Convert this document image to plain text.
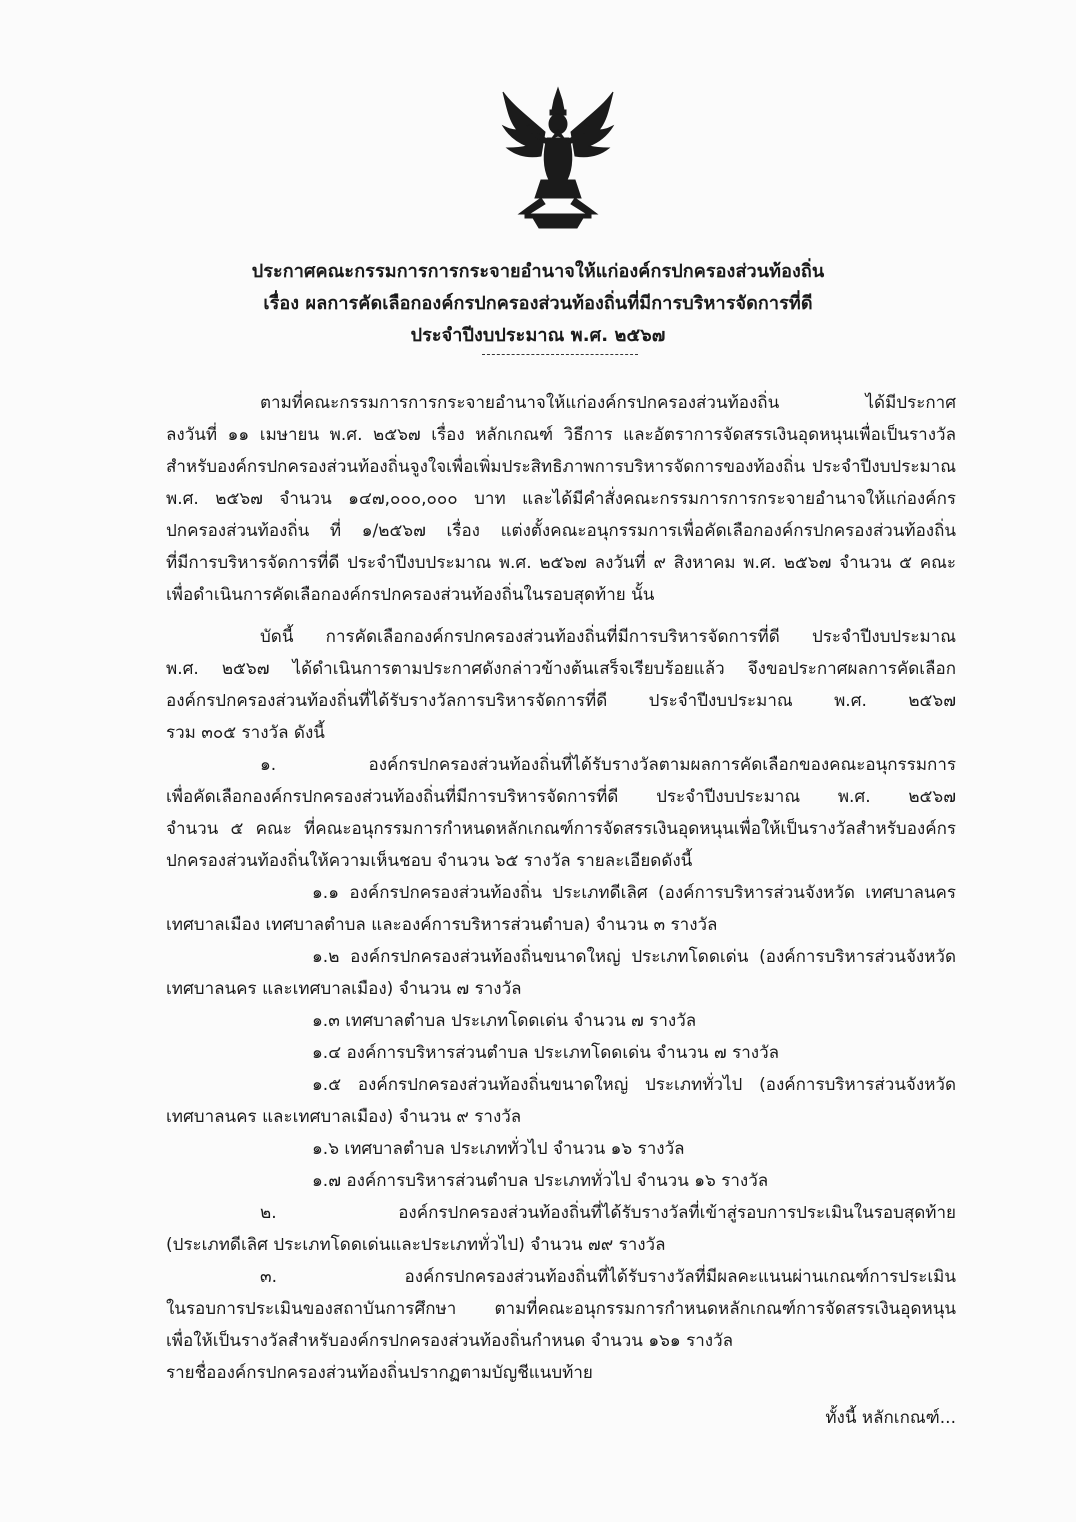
ประกาศคณะกรรมการการกระจายอำนาจให้แก่องค์กรปกครองส่วนท้องถิ่น
เรื่อง ผลการคัดเลือกองค์กรปกครองส่วนท้องถิ่นที่มีการบริหารจัดการที่ดี
ประจำปีงบประมาณ พ.ศ. ๒๕๖๗
ตามที่คณะกรรมการการกระจายอำนาจให้แก่องค์กรปกครองส่วนท้องถิ่น ได้มีประกาศ
ลงวันที่ ๑๑ เมษายน พ.ศ. ๒๕๖๗ เรื่อง หลักเกณฑ์ วิธีการ และอัตราการจัดสรรเงินอุดหนุนเพื่อเป็นรางวัล
สำหรับองค์กรปกครองส่วนท้องถิ่นจูงใจเพื่อเพิ่มประสิทธิภาพการบริหารจัดการของท้องถิ่น ประจำปีงบประมาณ
พ.ศ. ๒๕๖๗ จำนวน ๑๔๗,๐๐๐,๐๐๐ บาท และได้มีคำสั่งคณะกรรมการการกระจายอำนาจให้แก่องค์กร
ปกครองส่วนท้องถิ่น ที่ ๑/๒๕๖๗ เรื่อง แต่งตั้งคณะอนุกรรมการเพื่อคัดเลือกองค์กรปกครองส่วนท้องถิ่น
ที่มีการบริหารจัดการที่ดี ประจำปีงบประมาณ พ.ศ. ๒๕๖๗ ลงวันที่ ๙ สิงหาคม พ.ศ. ๒๕๖๗ จำนวน ๕ คณะ
เพื่อดำเนินการคัดเลือกองค์กรปกครองส่วนท้องถิ่นในรอบสุดท้าย นั้น
บัดนี้ การคัดเลือกองค์กรปกครองส่วนท้องถิ่นที่มีการบริหารจัดการที่ดี ประจำปีงบประมาณ
พ.ศ. ๒๕๖๗ ได้ดำเนินการตามประกาศดังกล่าวข้างต้นเสร็จเรียบร้อยแล้ว จึงขอประกาศผลการคัดเลือก
องค์กรปกครองส่วนท้องถิ่นที่ได้รับรางวัลการบริหารจัดการที่ดี ประจำปีงบประมาณ พ.ศ. ๒๕๖๗
รวม ๓๐๕ รางวัล ดังนี้
๑. องค์กรปกครองส่วนท้องถิ่นที่ได้รับรางวัลตามผลการคัดเลือกของคณะอนุกรรมการ
เพื่อคัดเลือกองค์กรปกครองส่วนท้องถิ่นที่มีการบริหารจัดการที่ดี ประจำปีงบประมาณ พ.ศ. ๒๕๖๗
จำนวน ๕ คณะ ที่คณะอนุกรรมการกำหนดหลักเกณฑ์การจัดสรรเงินอุดหนุนเพื่อให้เป็นรางวัลสำหรับองค์กร
ปกครองส่วนท้องถิ่นให้ความเห็นชอบ จำนวน ๖๕ รางวัล รายละเอียดดังนี้
๑.๑ องค์กรปกครองส่วนท้องถิ่น ประเภทดีเลิศ (องค์การบริหารส่วนจังหวัด เทศบาลนคร
เทศบาลเมือง เทศบาลตำบล และองค์การบริหารส่วนตำบล) จำนวน ๓ รางวัล
๑.๒ องค์กรปกครองส่วนท้องถิ่นขนาดใหญ่ ประเภทโดดเด่น (องค์การบริหารส่วนจังหวัด
เทศบาลนคร และเทศบาลเมือง) จำนวน ๗ รางวัล
๑.๓ เทศบาลตำบล ประเภทโดดเด่น จำนวน ๗ รางวัล
๑.๔ องค์การบริหารส่วนตำบล ประเภทโดดเด่น จำนวน ๗ รางวัล
๑.๕ องค์กรปกครองส่วนท้องถิ่นขนาดใหญ่ ประเภททั่วไป (องค์การบริหารส่วนจังหวัด
เทศบาลนคร และเทศบาลเมือง) จำนวน ๙ รางวัล
๑.๖ เทศบาลตำบล ประเภททั่วไป จำนวน ๑๖ รางวัล
๑.๗ องค์การบริหารส่วนตำบล ประเภททั่วไป จำนวน ๑๖ รางวัล
๒. องค์กรปกครองส่วนท้องถิ่นที่ได้รับรางวัลที่เข้าสู่รอบการประเมินในรอบสุดท้าย
(ประเภทดีเลิศ ประเภทโดดเด่นและประเภททั่วไป) จำนวน ๗๙ รางวัล
๓. องค์กรปกครองส่วนท้องถิ่นที่ได้รับรางวัลที่มีผลคะแนนผ่านเกณฑ์การประเมิน
ในรอบการประเมินของสถาบันการศึกษา ตามที่คณะอนุกรรมการกำหนดหลักเกณฑ์การจัดสรรเงินอุดหนุน
เพื่อให้เป็นรางวัลสำหรับองค์กรปกครองส่วนท้องถิ่นกำหนด จำนวน ๑๖๑ รางวัล
รายชื่อองค์กรปกครองส่วนท้องถิ่นปรากฏตามบัญชีแนบท้าย
ทั้งนี้ หลักเกณฑ์...
